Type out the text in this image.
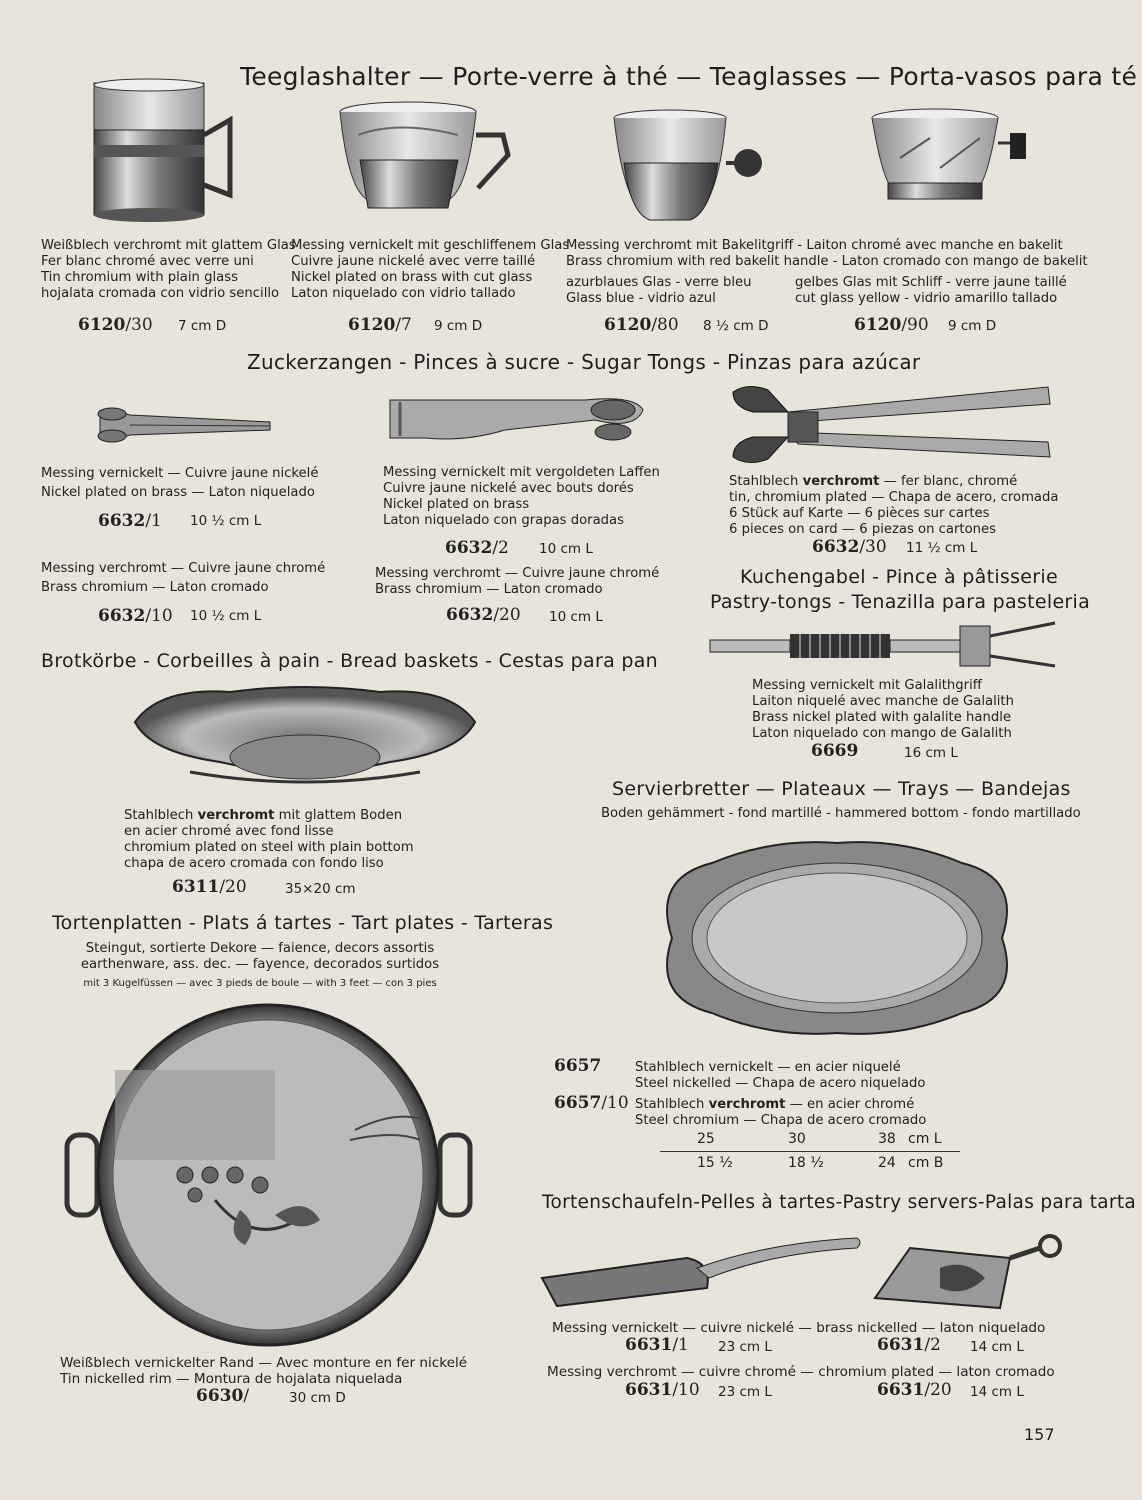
Teeglashalter — Porte-verre à thé — Teaglasses — Porta-vasos para té
Weißblech verchromt mit glattem Glas
Fer blanc chromé avec verre uni
Tin chromium with plain glass
hojalata cromada con vidrio sencillo
Messing vernickelt mit geschliffenem Glas
Cuivre jaune nickelé avec verre taillé
Nickel plated on brass with cut glass
Laton niquelado con vidrio tallado
Messing verchromt mit Bakelitgriff - Laiton chromé avec manche en bakelit
Brass chromium with red bakelit handle - Laton cromado con mango de bakelit
azurblaues Glas - verre bleu
Glass blue - vidrio azul
gelbes Glas mit Schliff - verre jaune taillé
cut glass yellow - vidrio amarillo tallado
6120/30 7 cm D	6120/7 9 cm D	6120/80 8 ½ cm D	6120/90 9 cm D
Zuckerzangen - Pinces à sucre - Sugar Tongs - Pinzas para azúcar
Messing vernickelt — Cuivre jaune nickelé
Nickel plated on brass — Laton niquelado
6632/1 10 ½ cm L
Messing verchromt — Cuivre jaune chromé
Brass chromium — Laton cromado
6632/10 10 ½ cm L
Messing vernickelt mit vergoldeten Laffen
Cuivre jaune nickelé avec bouts dorés
Nickel plated on brass
Laton niquelado con grapas doradas
6632/2 10 cm L
Messing verchromt — Cuivre jaune chromé
Brass chromium — Laton cromado
6632/20 10 cm L
Stahlblech verchromt — fer blanc, chromé
tin, chromium plated — Chapa de acero, cromada
6 Stück auf Karte — 6 pièces sur cartes
6 pieces on card — 6 piezas on cartones
6632/30 11 ½ cm L
Kuchengabel - Pince à pâtisserie
Pastry-tongs - Tenazilla para pasteleria
Messing vernickelt mit Galalithgriff
Laiton niquelé avec manche de Galalith
Brass nickel plated with galalite handle
Laton niquelado con mango de Galalith
6669	16 cm L
Brotkörbe - Corbeilles à pain - Bread baskets - Cestas para pan
Stahlblech verchromt mit glattem Boden
en acier chromé avec fond lisse
chromium plated on steel with plain bottom
chapa de acero cromada con fondo liso
6311/20	35×20 cm
Servierbretter — Plateaux — Trays — Bandejas
Boden gehämmert - fond martillé - hammered bottom - fondo martillado
6657	Stahlblech vernickelt — en acier niquelé
Steel nickelled — Chapa de acero niquelado
6657/10 Stahlblech verchromt — en acier chromé
Steel chromium — Chapa de acero cromado
25	30	38 cm L
15 ½	18 ½	24 cm B
Tortenplatten - Plats á tartes - Tart plates - Tarteras
Steingut, sortierte Dekore — faience, decors assortis
earthenware, ass. dec. — fayence, decorados surtidos
mit 3 Kugelfüssen — avec 3 pieds de boule — with 3 feet — con 3 pies
Weißblech vernickelter Rand — Avec monture en fer nickelé
Tin nickelled rim — Montura de hojalata niquelada
6630/	30 cm D
Tortenschaufeln-Pelles à tartes-Pastry servers-Palas para tarta
Messing vernickelt — cuivre nickelé — brass nickelled — laton niquelado
6631/1 23 cm L	6631/2 14 cm L
Messing verchromt — cuivre chromé — chromium plated — laton cromado
6631/10 23 cm L	6631/20 14 cm L
157
